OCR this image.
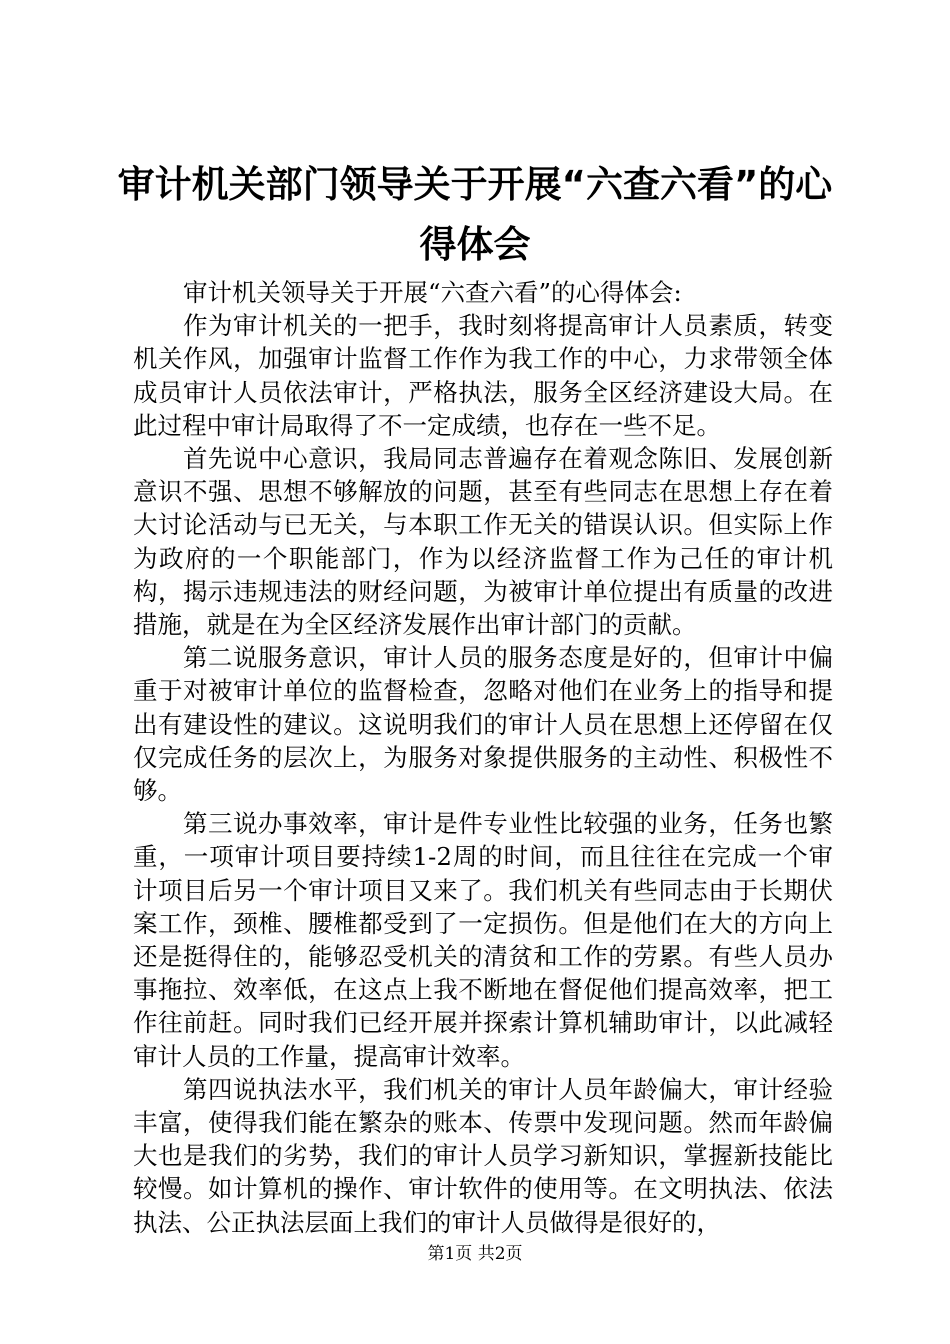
审计机关部门领导关于开展“六查六看”的心
得体会

审计机关领导关于开展“六查六看”的心得体会:

作为审计机关的一把手，我时刻将提高审计人员素质，转变机关作风，加强审计监督工作作为我工作的中心，力求带领全体成员审计人员依法审计，严格执法，服务全区经济建设大局。在此过程中审计局取得了不一定成绩，也存在一些不足。

首先说中心意识，我局同志普遍存在着观念陈旧、发展创新意识不强、思想不够解放的问题，甚至有些同志在思想上存在着大讨论活动与已无关，与本职工作无关的错误认识。但实际上作为政府的一个职能部门，作为以经济监督工作为己任的审计机构，揭示违规违法的财经问题，为被审计单位提出有质量的改进措施，就是在为全区经济发展作出审计部门的贡献。

第二说服务意识，审计人员的服务态度是好的，但审计中偏重于对被审计单位的监督检查，忽略对他们在业务上的指导和提出有建设性的建议。这说明我们的审计人员在思想上还停留在仅仅完成任务的层次上，为服务对象提供服务的主动性、积极性不够。

第三说办事效率，审计是件专业性比较强的业务，任务也繁重，一项审计项目要持续1-2周的时间，而且往往在完成一个审计项目后另一个审计项目又来了。我们机关有些同志由于长期伏案工作，颈椎、腰椎都受到了一定损伤。但是他们在大的方向上还是挺得住的，能够忍受机关的清贫和工作的劳累。有些人员办事拖拉、效率低，在这点上我不断地在督促他们提高效率，把工作往前赶。同时我们已经开展并探索计算机辅助审计，以此减轻审计人员的工作量，提高审计效率。

第四说执法水平，我们机关的审计人员年龄偏大，审计经验丰富，使得我们能在繁杂的账本、传票中发现问题。然而年龄偏大也是我们的劣势，我们的审计人员学习新知识，掌握新技能比较慢。如计算机的操作、审计软件的使用等。在文明执法、依法执法、公正执法层面上我们的审计人员做得是很好的，

第1页 共2页
